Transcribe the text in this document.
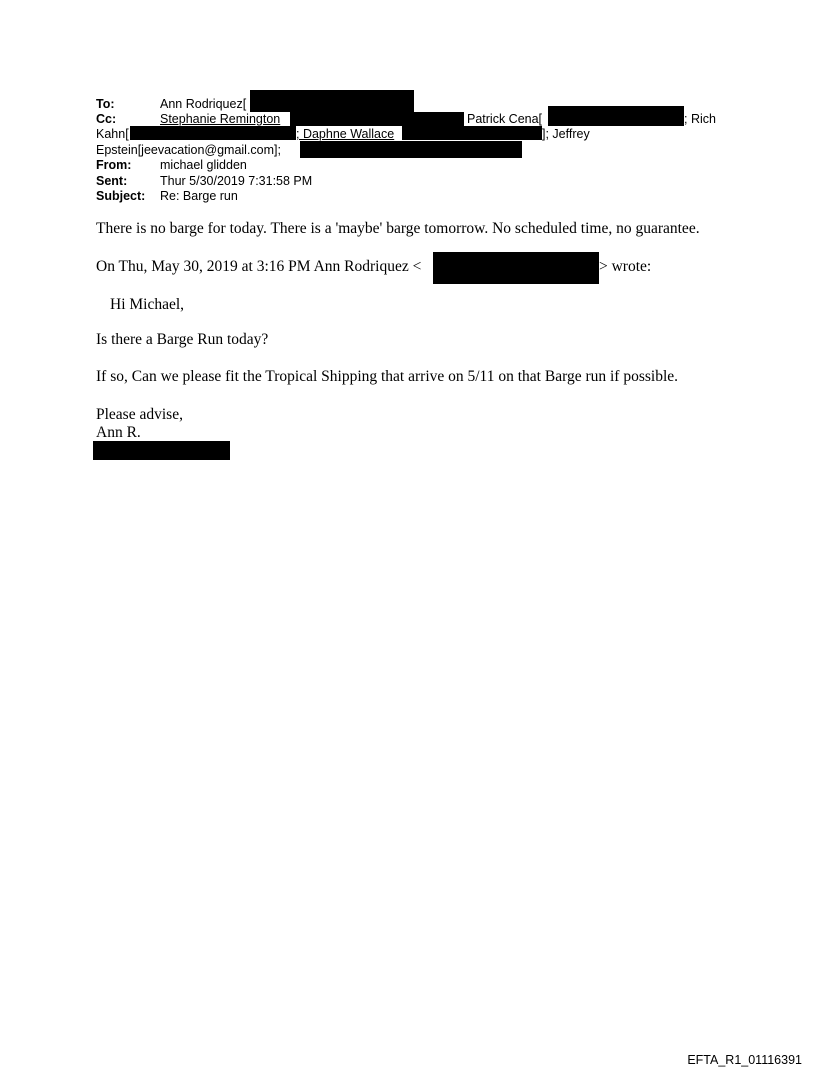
To:	Ann Rodriquez[
Cc:	Stephanie Remington	Patrick Cena[	; Rich
Kahn[	; Daphne Wallace	]; Jeffrey
Epstein[jeevacation@gmail.com];
From: michael glidden
Sent:	Thur 5/30/2019 7:31:58 PM
Subject: Re: Barge run
There is no barge for today. There is a 'maybe' barge tomorrow. No scheduled time, no guarantee.
On Thu, May 30, 2019 at 3:16 PM Ann Rodriquez <	> wrote:
Hi Michael,
Is there a Barge Run today?
If so, Can we please fit the Tropical Shipping that arrive on 5/11 on that Barge run if possible.
Please advise,
Ann R.
EFTA_R1_01116391
